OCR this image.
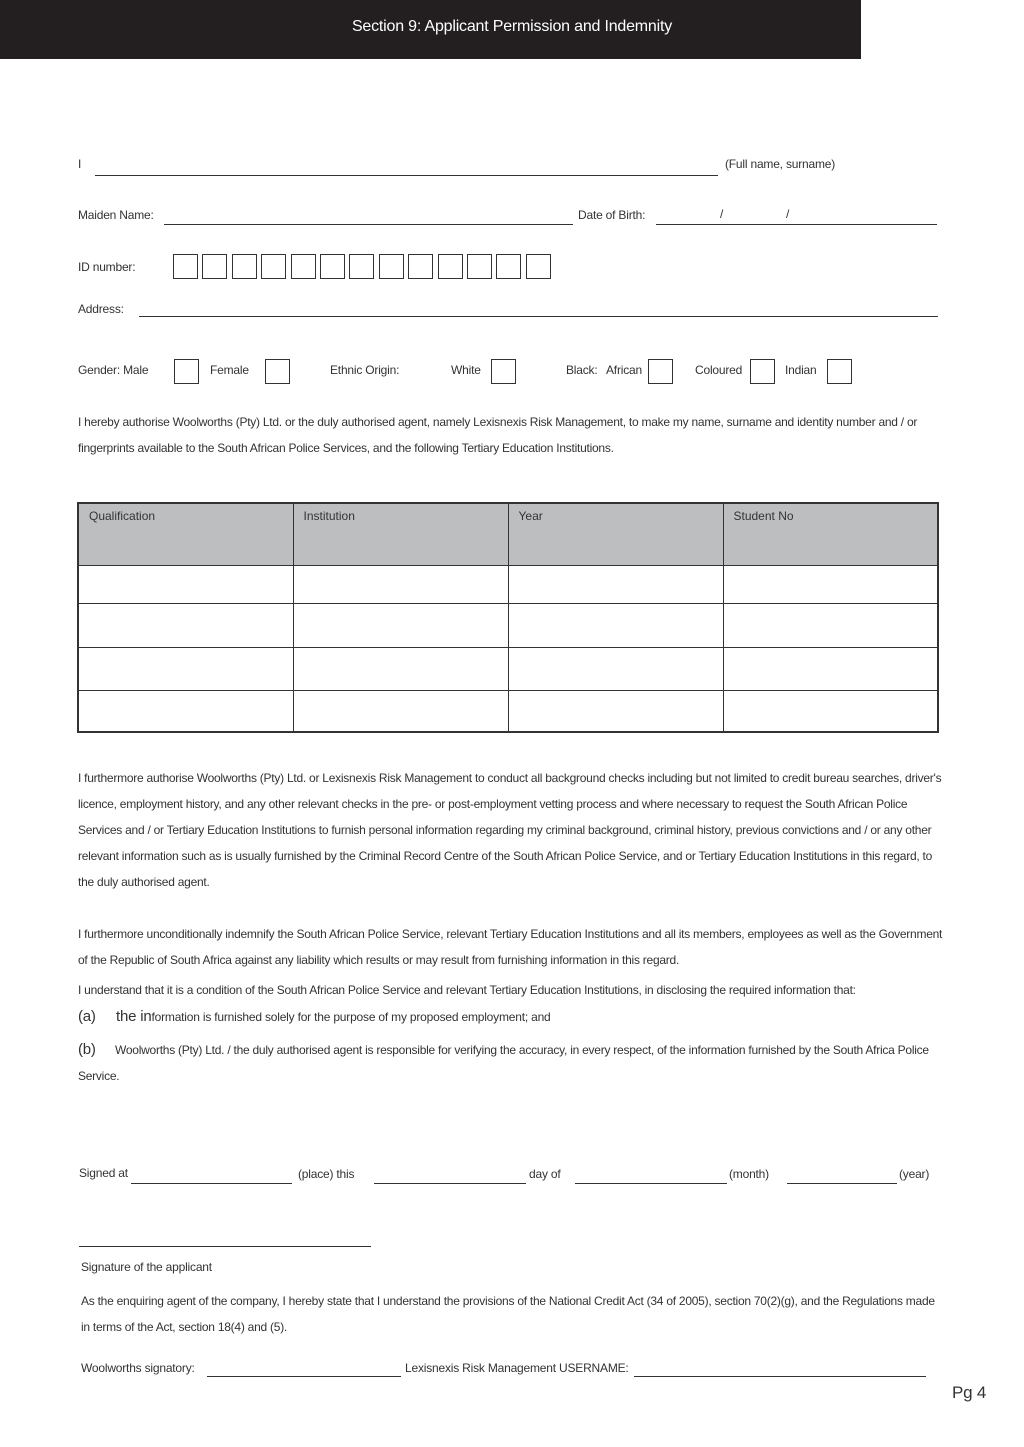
Section 9: Applicant Permission and Indemnity
I	(Full name, surname)
Maiden Name:	Date of Birth:	/	/
ID number:
Address:
Gender: Male	Female	Ethnic Origin:	White	Black: African	Coloured	Indian
I hereby authorise Woolworths (Pty) Ltd. or the duly authorised agent, namely Lexisnexis Risk Management, to make my name, surname and identity number and / or fingerprints available to the South African Police Services, and the following Tertiary Education Institutions.
Qualification	Institution	Year	Student No

I furthermore authorise Woolworths (Pty) Ltd. or Lexisnexis Risk Management to conduct all background checks including but not limited to credit bureau searches, driver's licence, employment history, and any other relevant checks in the pre- or post-employment vetting process and where necessary to request the South African Police Services and / or Tertiary Education Institutions to furnish personal information regarding my criminal background, criminal history, previous convictions and / or any other relevant information such as is usually furnished by the Criminal Record Centre of the South African Police Service, and or Tertiary Education Institutions in this regard, to the duly authorised agent.
I furthermore unconditionally indemnify the South African Police Service, relevant Tertiary Education Institutions and all its members, employees as well as the Government of the Republic of South Africa against any liability which results or may result from furnishing information in this regard.
I understand that it is a condition of the South African Police Service and relevant Tertiary Education Institutions, in disclosing the required information that:
(a) the information is furnished solely for the purpose of my proposed employment; and
(b)	Woolworths (Pty) Ltd. / the duly authorised agent is responsible for verifying the accuracy, in every respect, of the information furnished by the South Africa Police Service.
Signed at	(place) this	day of	(month)	(year)
Signature of the applicant
As the enquiring agent of the company, I hereby state that I understand the provisions of the National Credit Act (34 of 2005), section 70(2)(g), and the Regulations made in terms of the Act, section 18(4) and (5).
Woolworths signatory:	Lexisnexis Risk Management USERNAME:
Pg 4
